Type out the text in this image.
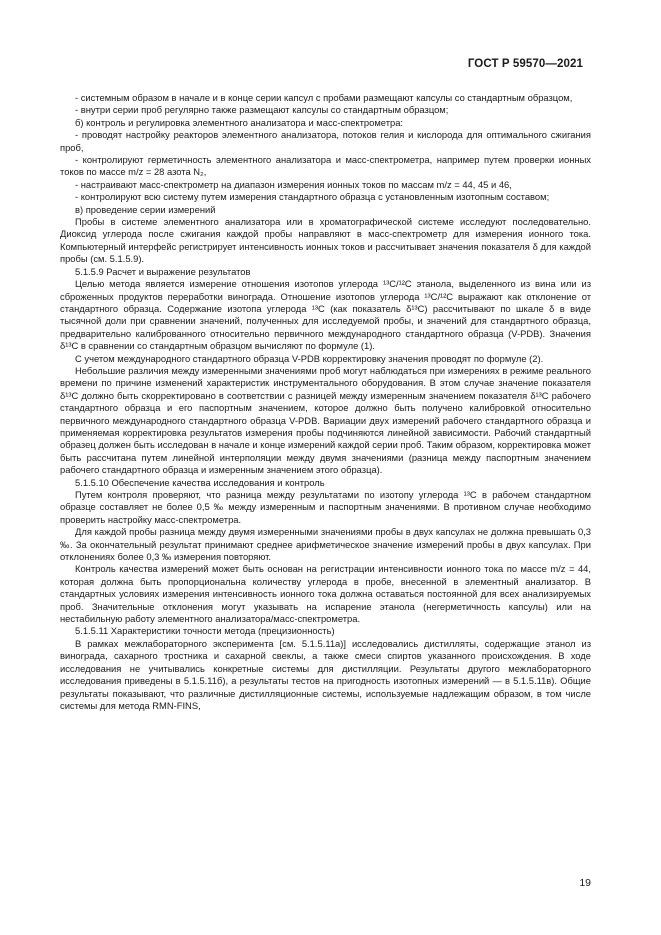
ГОСТ Р 59570—2021

- системным образом в начале и в конце серии капсул с пробами размещают капсулы со стандартным образцом,

- внутри серии проб регулярно также размещают капсулы со стандартным образцом;

б) контроль и регулировка элементного анализатора и масс-спектрометра:

- проводят настройку реакторов элементного анализатора, потоков гелия и кислорода для оптимального сжигания проб,

- контролируют герметичность элементного анализатора и масс-спектрометра, например путем проверки ионных токов по массе m/z = 28 азота N₂,

- настраивают масс-спектрометр на диапазон измерения ионных токов по массам m/z = 44, 45 и 46,

- контролируют всю систему путем измерения стандартного образца с установленным изотопным составом;

в) проведение серии измерений

Пробы в системе элементного анализатора или в хроматографической системе исследуют последовательно. Диоксид углерода после сжигания каждой пробы направляют в масс-спектрометр для измерения ионного тока. Компьютерный интерфейс регистрирует интенсивность ионных токов и рассчитывает значения показателя δ для каждой пробы (см. 5.1.5.9).

5.1.5.9 Расчет и выражение результатов

Целью метода является измерение отношения изотопов углерода ¹³C/¹²C этанола, выделенного из вина или из сброженных продуктов переработки винограда. Отношение изотопов углерода ¹³C/¹²C выражают как отклонение от стандартного образца. Содержание изотопа углерода ¹³C (как показатель δ¹³C) рассчитывают по шкале δ в виде тысячной доли при сравнении значений, полученных для исследуемой пробы, и значений для стандартного образца, предварительно калиброванного относительно первичного международного стандартного образца (V-PDB). Значения δ¹³C в сравнении со стандартным образцом вычисляют по формуле (1).

С учетом международного стандартного образца V-PDB корректировку значения проводят по формуле (2).

Небольшие различия между измеренными значениями проб могут наблюдаться при измерениях в режиме реального времени по причине изменений характеристик инструментального оборудования. В этом случае значение показателя δ¹³C должно быть скорректировано в соответствии с разницей между измеренным значением показателя δ¹³C рабочего стандартного образца и его паспортным значением, которое должно быть получено калибровкой относительно первичного международного стандартного образца V-PDB. Вариации двух измерений рабочего стандартного образца и применяемая корректировка результатов измерения пробы подчиняются линейной зависимости. Рабочий стандартный образец должен быть исследован в начале и конце измерений каждой серии проб. Таким образом, корректировка может быть рассчитана путем линейной интерполяции между двумя значениями (разница между паспортным значением рабочего стандартного образца и измеренным значением этого образца).

5.1.5.10 Обеспечение качества исследования и контроль

Путем контроля проверяют, что разница между результатами по изотопу углерода ¹³C в рабочем стандартном образце составляет не более 0,5 ‰ между измеренным и паспортным значениями. В противном случае необходимо проверить настройку масс-спектрометра.

Для каждой пробы разница между двумя измеренными значениями пробы в двух капсулах не должна превышать 0,3 ‰. За окончательный результат принимают среднее арифметическое значение измерений пробы в двух капсулах. При отклонениях более 0,3 ‰ измерения повторяют.

Контроль качества измерений может быть основан на регистрации интенсивности ионного тока по массе m/z = 44, которая должна быть пропорциональна количеству углерода в пробе, внесенной в элементный анализатор. В стандартных условиях измерения интенсивность ионного тока должна оставаться постоянной для всех анализируемых проб. Значительные отклонения могут указывать на испарение этанола (негерметичность капсулы) или на нестабильную работу элементного анализатора/масс-спектрометра.

5.1.5.11 Характеристики точности метода (прецизионность)

В рамках межлабораторного эксперимента [см. 5.1.5.11а)] исследовались дистилляты, содержащие этанол из винограда, сахарного тростника и сахарной свеклы, а также смеси спиртов указанного происхождения. В ходе исследования не учитывались конкретные системы для дистилляции. Результаты другого межлабораторного исследования приведены в 5.1.5.11б), а результаты тестов на пригодность изотопных измерений — в 5.1.5.11в). Общие результаты показывают, что различные дистилляционные системы, используемые надлежащим образом, в том числе системы для метода RMN-FINS,

19
